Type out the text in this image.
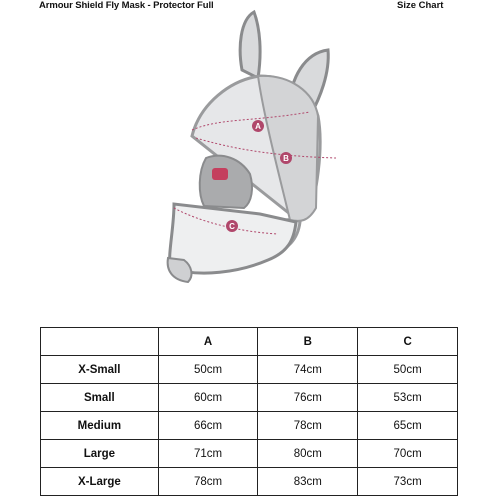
Armour Shield Fly Mask - Protector Full	Size Chart
A
B
C
	A	B	C
X-Small	50cm	74cm	50cm
Small	60cm	76cm	53cm
Medium	66cm	78cm	65cm
Large	71cm	80cm	70cm
X-Large	78cm	83cm	73cm
